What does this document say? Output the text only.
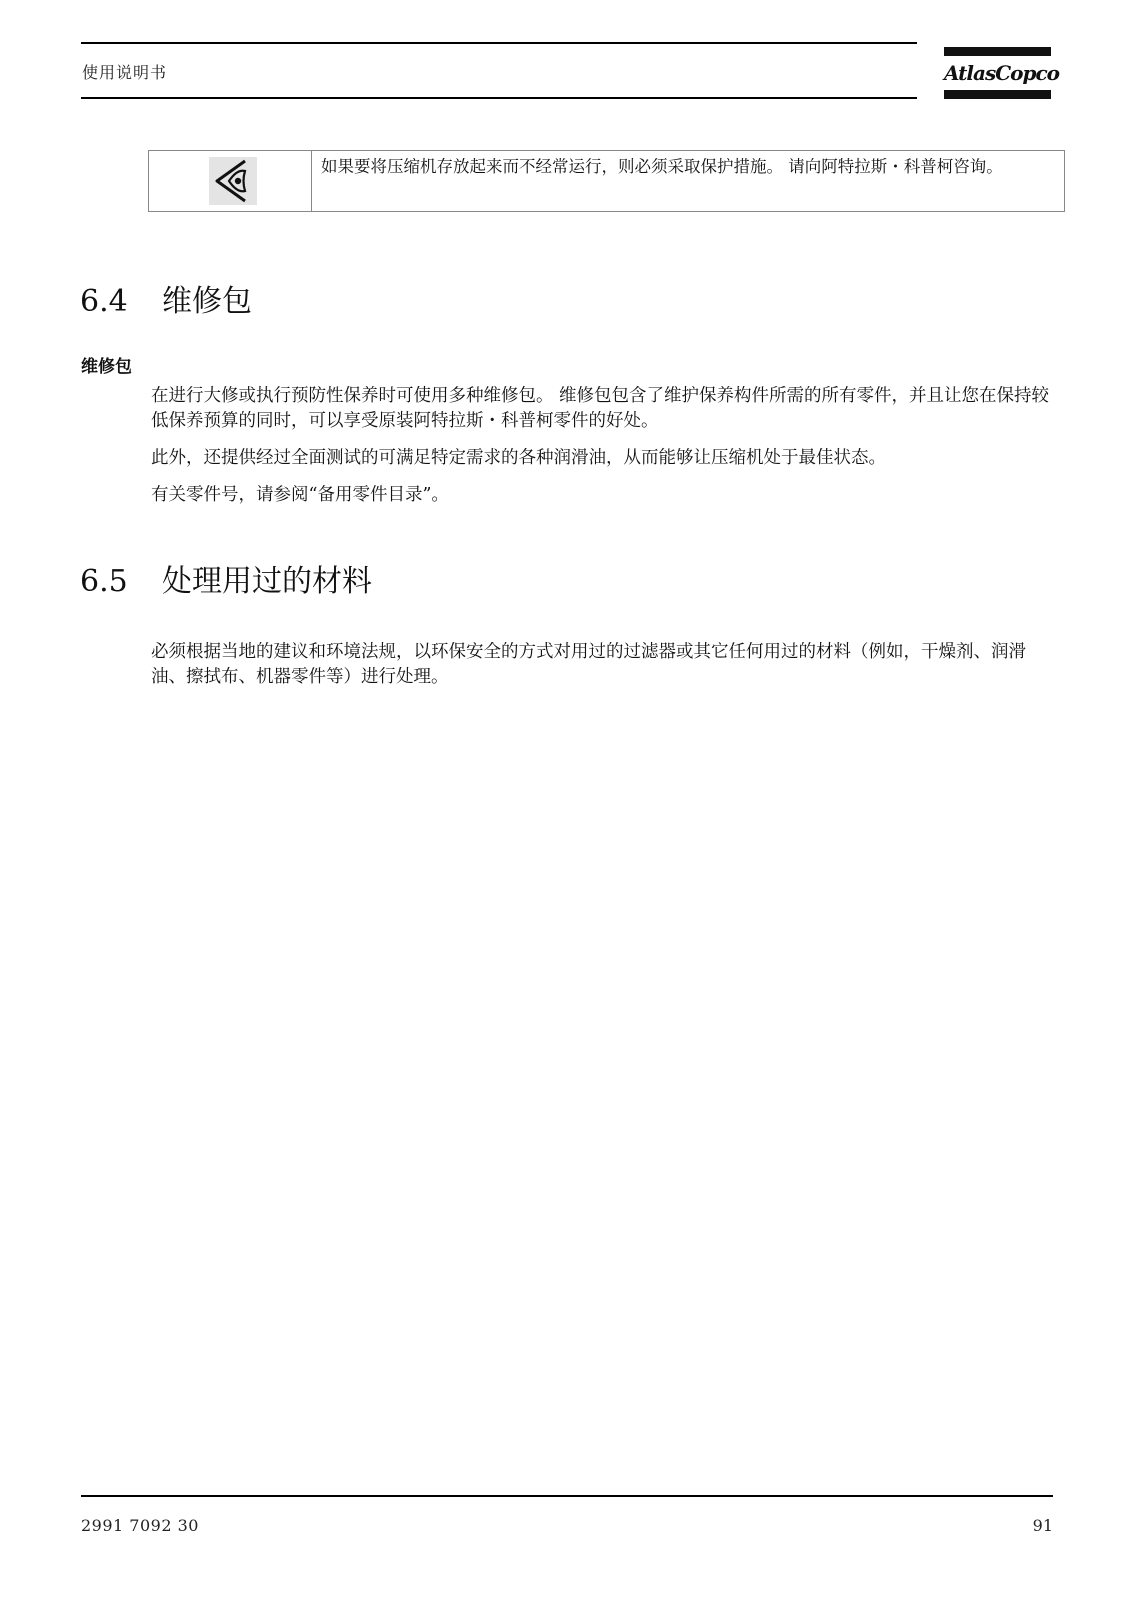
使用说明书	AtlasCopco
如果要将压缩机存放起来而不经常运行，则必须采取保护措施。 请向阿特拉斯・科普柯咨询。
6.4 维修包
维修包
在进行大修或执行预防性保养时可使用多种维修包。 维修包包含了维护保养构件所需的所有零件，并且让您在保持较低保养预算的同时，可以享受原装阿特拉斯・科普柯零件的好处。
此外，还提供经过全面测试的可满足特定需求的各种润滑油，从而能够让压缩机处于最佳状态。
有关零件号，请参阅“备用零件目录”。
6.5 处理用过的材料
必须根据当地的建议和环境法规，以环保安全的方式对用过的过滤器或其它任何用过的材料（例如，干燥剂、润滑油、擦拭布、机器零件等）进行处理。
2991 7092 30	91
